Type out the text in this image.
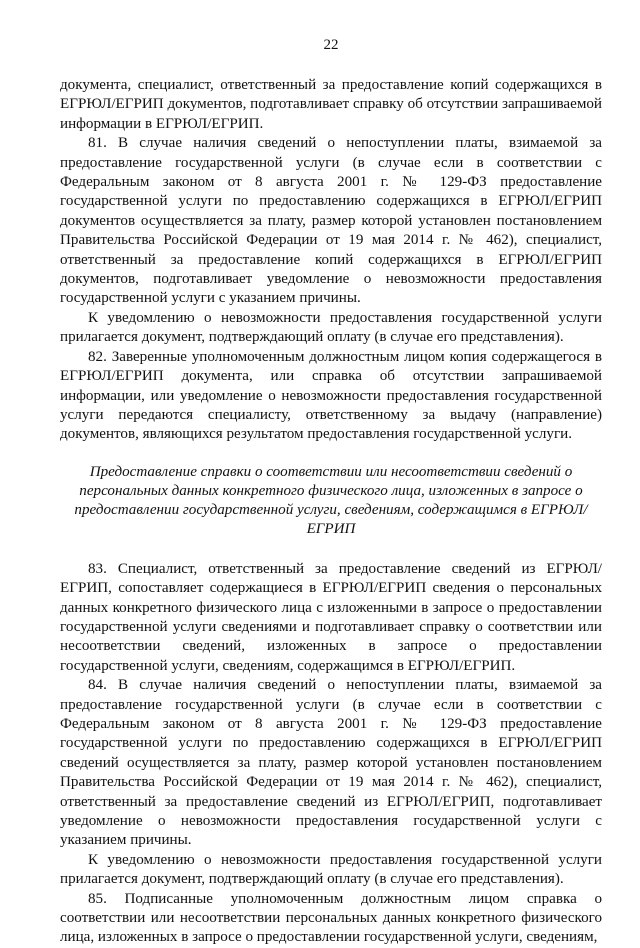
22

документа, специалист, ответственный за предоставление копий содержащихся в ЕГРЮЛ/ЕГРИП документов, подготавливает справку об отсутствии запрашиваемой информации в ЕГРЮЛ/ЕГРИП.

81. В случае наличия сведений о непоступлении платы, взимаемой за предоставление государственной услуги (в случае если в соответствии с Федеральным законом от 8 августа 2001 г. № 129-ФЗ предоставление государственной услуги по предоставлению содержащихся в ЕГРЮЛ/ЕГРИП документов осуществляется за плату, размер которой установлен постановлением Правительства Российской Федерации от 19 мая 2014 г. № 462), специалист, ответственный за предоставление копий содержащихся в ЕГРЮЛ/ЕГРИП документов, подготавливает уведомление о невозможности предоставления государственной услуги с указанием причины.

К уведомлению о невозможности предоставления государственной услуги прилагается документ, подтверждающий оплату (в случае его представления).

82. Заверенные уполномоченным должностным лицом копия содержащегося в ЕГРЮЛ/ЕГРИП документа, или справка об отсутствии запрашиваемой информации, или уведомление о невозможности предоставления государственной услуги передаются специалисту, ответственному за выдачу (направление) документов, являющихся результатом предоставления государственной услуги.

Предоставление справки о соответствии или несоответствии сведений о персональных данных конкретного физического лица, изложенных в запросе о предоставлении государственной услуги, сведениям, содержащимся в ЕГРЮЛ/ЕГРИП

83. Специалист, ответственный за предоставление сведений из ЕГРЮЛ/ЕГРИП, сопоставляет содержащиеся в ЕГРЮЛ/ЕГРИП сведения о персональных данных конкретного физического лица с изложенными в запросе о предоставлении государственной услуги сведениями и подготавливает справку о соответствии или несоответствии сведений, изложенных в запросе о предоставлении государственной услуги, сведениям, содержащимся в ЕГРЮЛ/ЕГРИП.

84. В случае наличия сведений о непоступлении платы, взимаемой за предоставление государственной услуги (в случае если в соответствии с Федеральным законом от 8 августа 2001 г. № 129-ФЗ предоставление государственной услуги по предоставлению содержащихся в ЕГРЮЛ/ЕГРИП сведений осуществляется за плату, размер которой установлен постановлением Правительства Российской Федерации от 19 мая 2014 г. № 462), специалист, ответственный за предоставление сведений из ЕГРЮЛ/ЕГРИП, подготавливает уведомление о невозможности предоставления государственной услуги с указанием причины.

К уведомлению о невозможности предоставления государственной услуги прилагается документ, подтверждающий оплату (в случае его представления).

85. Подписанные уполномоченным должностным лицом справка о соответствии или несоответствии персональных данных конкретного физического лица, изложенных в запросе о предоставлении государственной услуги, сведениям,
